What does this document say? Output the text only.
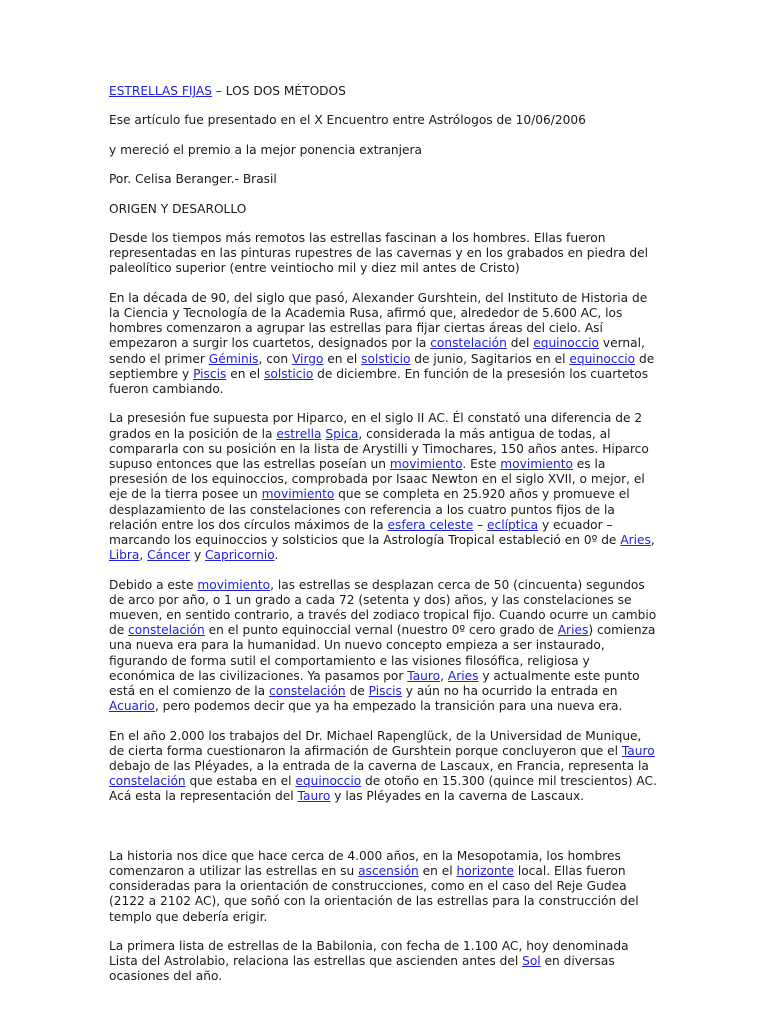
ESTRELLAS FIJAS – LOS DOS MÉTODOS

Ese artículo fue presentado en el X Encuentro entre Astrólogos de 10/06/2006

y mereció el premio a la mejor ponencia extranjera

Por. Celisa Beranger.- Brasil

ORIGEN Y DESAROLLO

Desde los tiempos más remotos las estrellas fascinan a los hombres. Ellas fueron representadas en las pinturas rupestres de las cavernas y en los grabados en piedra del paleolítico superior (entre veintiocho mil y diez mil antes de Cristo)

En la década de 90, del siglo que pasó, Alexander Gurshtein, del Instituto de Historia de la Ciencia y Tecnología de la Academia Rusa, afirmó que, alrededor de 5.600 AC, los hombres comenzaron a agrupar las estrellas para fijar ciertas áreas del cielo. Así empezaron a surgir los cuartetos, designados por la constelación del equinoccio vernal, sendo el primer Géminis, con Virgo en el solsticio de junio, Sagitarios en el equinoccio de septiembre y Piscis en el solsticio de diciembre. En función de la presesión los cuartetos fueron cambiando.

La presesión fue supuesta por Hiparco, en el siglo II AC. Él constató una diferencia de 2 grados en la posición de la estrella Spica, considerada la más antigua de todas, al compararla con su posición en la lista de Arystilli y Timochares, 150 años antes. Hiparco supuso entonces que las estrellas poseían un movimiento. Este movimiento es la presesión de los equinoccios, comprobada por Isaac Newton en el siglo XVII, o mejor, el eje de la tierra posee un movimiento que se completa en 25.920 años y promueve el desplazamiento de las constelaciones con referencia a los cuatro puntos fijos de la relación entre los dos círculos máximos de la esfera celeste – eclíptica y ecuador – marcando los equinoccios y solsticios que la Astrología Tropical estableció en 0º de Aries, Libra, Cáncer y Capricornio.

Debido a este movimiento, las estrellas se desplazan cerca de 50 (cincuenta) segundos de arco por año, o 1 un grado a cada 72 (setenta y dos) años, y las constelaciones se mueven, en sentido contrario, a través del zodiaco tropical fijo. Cuando ocurre un cambio de constelación en el punto equinoccial vernal (nuestro 0º cero grado de Aries) comienza una nueva era para la humanidad. Un nuevo concepto empieza a ser instaurado, figurando de forma sutil el comportamiento e las visiones filosófica, religiosa y económica de las civilizaciones. Ya pasamos por Tauro, Aries y actualmente este punto está en el comienzo de la constelación de Piscis y aún no ha ocurrido la entrada en Acuario, pero podemos decir que ya ha empezado la transición para una nueva era.

En el año 2.000 los trabajos del Dr. Michael Rapenglück, de la Universidad de Munique, de cierta forma cuestionaron la afirmación de Gurshtein porque concluyeron que el Tauro debajo de las Pléyades, a la entrada de la caverna de Lascaux, en Francia, representa la constelación que estaba en el equinoccio de otoño en 15.300 (quince mil trescientos) AC. Acá esta la representación del Tauro y las Pléyades en la caverna de Lascaux.

La historia nos dice que hace cerca de 4.000 años, en la Mesopotamia, los hombres comenzaron a utilizar las estrellas en su ascensión en el horizonte local. Ellas fueron consideradas para la orientación de construcciones, como en el caso del Reje Gudea (2122 a 2102 AC), que soñó con la orientación de las estrellas para la construcción del templo que debería erigir.

La primera lista de estrellas de la Babilonia, con fecha de 1.100 AC, hoy denominada Lista del Astrolabio, relaciona las estrellas que ascienden antes del Sol en diversas ocasiones del año.
